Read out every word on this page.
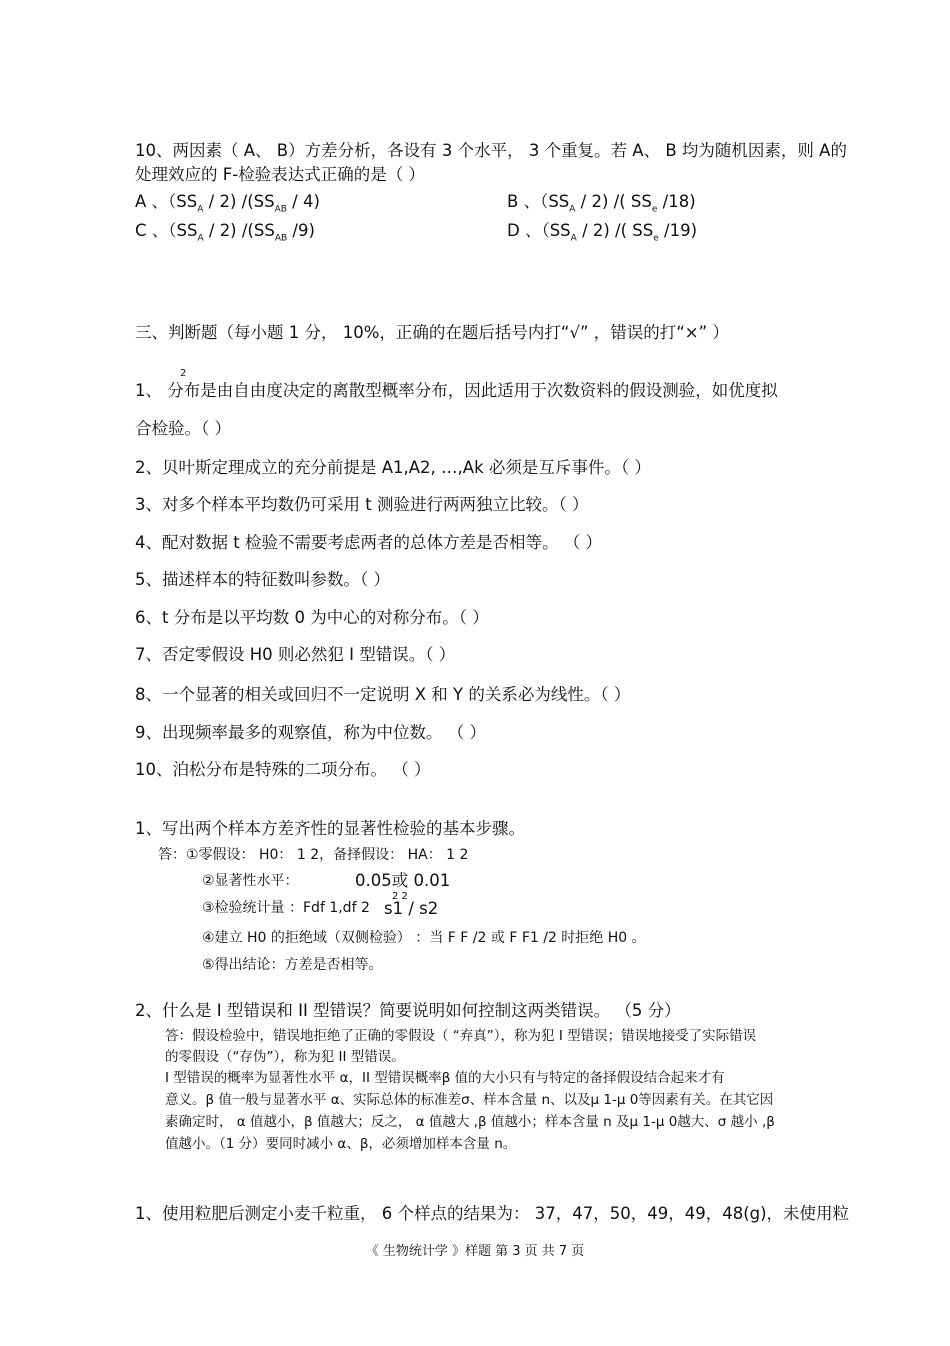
10、两因素（ A、 B）方差分析，各设有 3 个水平， 3 个重复。若 A、 B 均为随机因素，则 A的
处理效应的 F-检验表达式正确的是（ ）
A 、$(SS_A / 2)$ $/(SS_{AB} / 4)$	B 、$(SS_A / 2)$ /( $SS_e$ /18)
C 、$(SS_A / 2)$ $/(SS_{AB}$ /9)	D 、$(SS_A / 2)$ /( $SS_e$ /19)
三、判断题（每小题 1 分， 10%，正确的在题后括号内打“√” ，错误的打“×” ）
2
1、 分布是由自由度决定的离散型概率分布，因此适用于次数资料的假设测验，如优度拟
合检验。（ ）
2、贝叶斯定理成立的充分前提是 A1,A2, …,Ak 必须是互斥事件。（ ）
3、对多个样本平均数仍可采用 t 测验进行两两独立比较。（ ）
4、配对数据 t 检验不需要考虑两者的总体方差是否相等。 （ ）
5、描述样本的特征数叫参数。（ ）
6、t 分布是以平均数 0 为中心的对称分布。（ ）
7、否定零假设 H0 则必然犯 I 型错误。（ ）
8、一个显著的相关或回归不一定说明 X 和 Y 的关系必为线性。（ ）
9、出现频率最多的观察值，称为中位数。 （ ）
10、泊松分布是特殊的二项分布。 （ ）
1、写出两个样本方差齐性的显著性检验的基本步骤。
答：①零假设： H0： 1 2，备择假设： HA： 1 2
②显著性水平：	0.05或 0.01
2 2
③检验统计量 ：Fdf 1,df 2 s1 / s2
④建立 H0 的拒绝域（双侧检验） ：当 F F /2 或 F F1 /2 时拒绝 H0 。
⑤得出结论：方差是否相等。
2、什么是 I 型错误和 II 型错误？简要说明如何控制这两类错误。 （5 分）
答：假设检验中，错误地拒绝了正确的零假设（ “弃真”），称为犯 I 型错误；错误地接受了实际错误
的零假设（“存伪”），称为犯 II 型错误。
I 型错误的概率为显著性水平 α，II 型错误概率β 值的大小只有与特定的备择假设结合起来才有
意义。β 值一般与显著水平 α、实际总体的标准差σ、样本含量 n、以及μ 1-μ 0等因素有关。在其它因
素确定时， α 值越小，β 值越大；反之， α 值越大 ,β 值越小；样本含量 n 及μ 1-μ 0越大、σ 越小 ,β
值越小。（1 分）要同时减小 α、β，必须增加样本含量 n。
1、使用粒肥后测定小麦千粒重， 6 个样点的结果为： 37，47，50，49，49，48(g)，未使用粒
《 生物统计学 》样题 第 3 页 共 7 页
